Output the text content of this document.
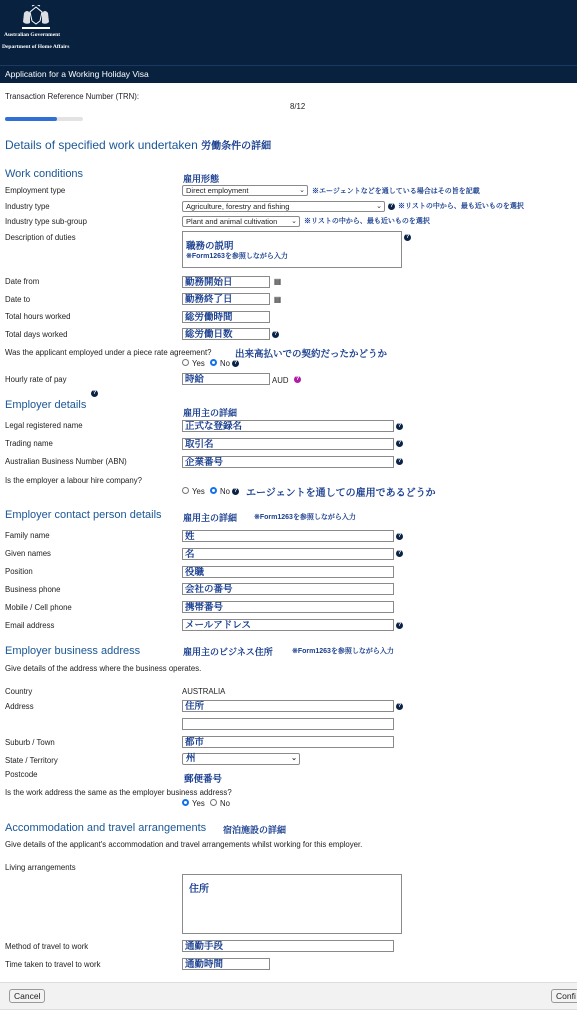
Australian Government
Department of Home Affairs
Application for a Working Holiday Visa
Transaction Reference Number (TRN):
8/12
Details of specified work undertaken 労働条件の詳細
Work conditions	雇用形態
Employment type	Direct employment	⌄ ※エージェントなどを通している場合はその旨を記載
Industry type	Agriculture, forestry and fishing	⌄	? ※リストの中から、最も近いものを選択
Industry type sub-group	Plant and animal cultivation ⌄ ※リストの中から、最も近いものを選択
Description of duties
職務の説明
※Form1263を参照しながら入力
?
Date from	勤務開始日	▦
Date to	勤務終了日	▦
Total hours worked	総労働時間
Total days worked	総労働日数	?
Was the applicant employed under a piece rate agreement? 出来高払いでの契約だったかどうか
Yes No ?
Hourly rate of pay	時給	AUD	?
?
Employer details
雇用主の詳細
Legal registered name	正式な登録名	?
Trading name	取引名	?
Australian Business Number (ABN)	企業番号	?
Is the employer a labour hire company?
Yes No ? エージェントを通しての雇用であるどうか
Employer contact person details 雇用主の詳細 ※Form1263を参照しながら入力
Family name	姓	?
Given names	名	?
Position	役職
Business phone	会社の番号
Mobile / Cell phone	携帯番号
Email address	メールアドレス	?
Employer business address	雇用主のビジネス住所	※Form1263を参照しながら入力
Give details of the address where the business operates.
Country	AUSTRALIA
Address	住所	?
Suburb / Town	都市
State / Territory	州	⌄
Postcode	郵便番号
Is the work address the same as the employer business address?
Yes No
Accommodation and travel arrangements 宿泊施設の詳細
Give details of the applicant's accommodation and travel arrangements whilst working for this employer.
Living arrangements
住所
Method of travel to work	通勤手段
Time taken to travel to work	通勤時間
Cancel	Confi
